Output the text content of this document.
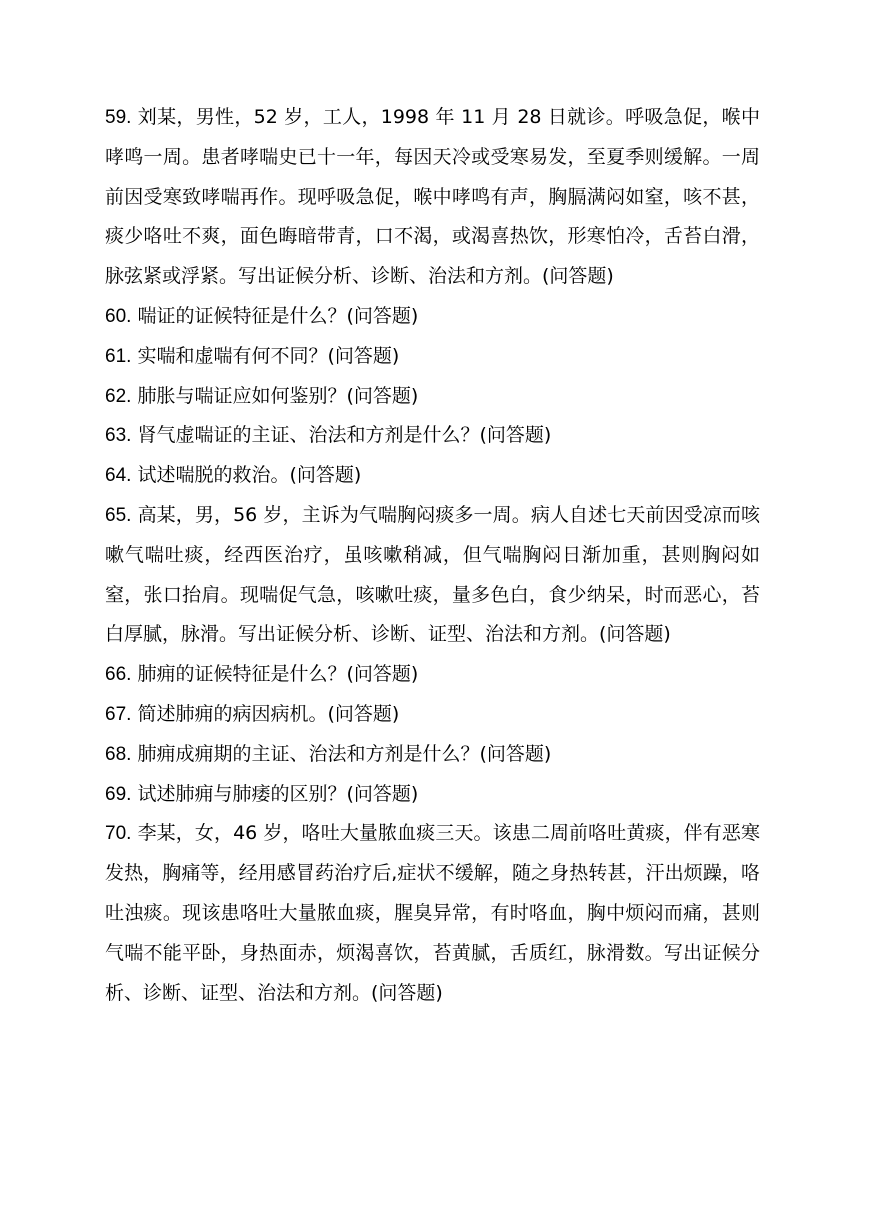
59. 刘某，男性，52 岁，工人，1998 年 11 月 28 日就诊。呼吸急促，喉中哮鸣一周。患者哮喘史已十一年，每因天冷或受寒易发，至夏季则缓解。一周前因受寒致哮喘再作。现呼吸急促，喉中哮鸣有声，胸膈满闷如窒，咳不甚，痰少咯吐不爽，面色晦暗带青，口不渴，或渴喜热饮，形寒怕冷，舌苔白滑，脉弦紧或浮紧。写出证候分析、诊断、治法和方剂。(问答题)

60. 喘证的证候特征是什么？(问答题)

61. 实喘和虚喘有何不同？(问答题)

62. 肺胀与喘证应如何鉴别？(问答题)

63. 肾气虚喘证的主证、治法和方剂是什么？(问答题)

64. 试述喘脱的救治。(问答题)

65. 高某，男，56 岁，主诉为气喘胸闷痰多一周。病人自述七天前因受凉而咳嗽气喘吐痰，经西医治疗，虽咳嗽稍减，但气喘胸闷日渐加重，甚则胸闷如窒，张口抬肩。现喘促气急，咳嗽吐痰，量多色白，食少纳呆，时而恶心，苔白厚腻，脉滑。写出证候分析、诊断、证型、治法和方剂。(问答题)

66. 肺痈的证候特征是什么？(问答题)

67. 简述肺痈的病因病机。(问答题)

68. 肺痈成痈期的主证、治法和方剂是什么？(问答题)

69. 试述肺痈与肺痿的区别？(问答题)

70. 李某，女，46 岁，咯吐大量脓血痰三天。该患二周前咯吐黄痰，伴有恶寒发热，胸痛等，经用感冒药治疗后,症状不缓解，随之身热转甚，汗出烦躁，咯吐浊痰。现该患咯吐大量脓血痰，腥臭异常，有时咯血，胸中烦闷而痛，甚则气喘不能平卧，身热面赤，烦渴喜饮，苔黄腻，舌质红，脉滑数。写出证候分析、诊断、证型、治法和方剂。(问答题)
